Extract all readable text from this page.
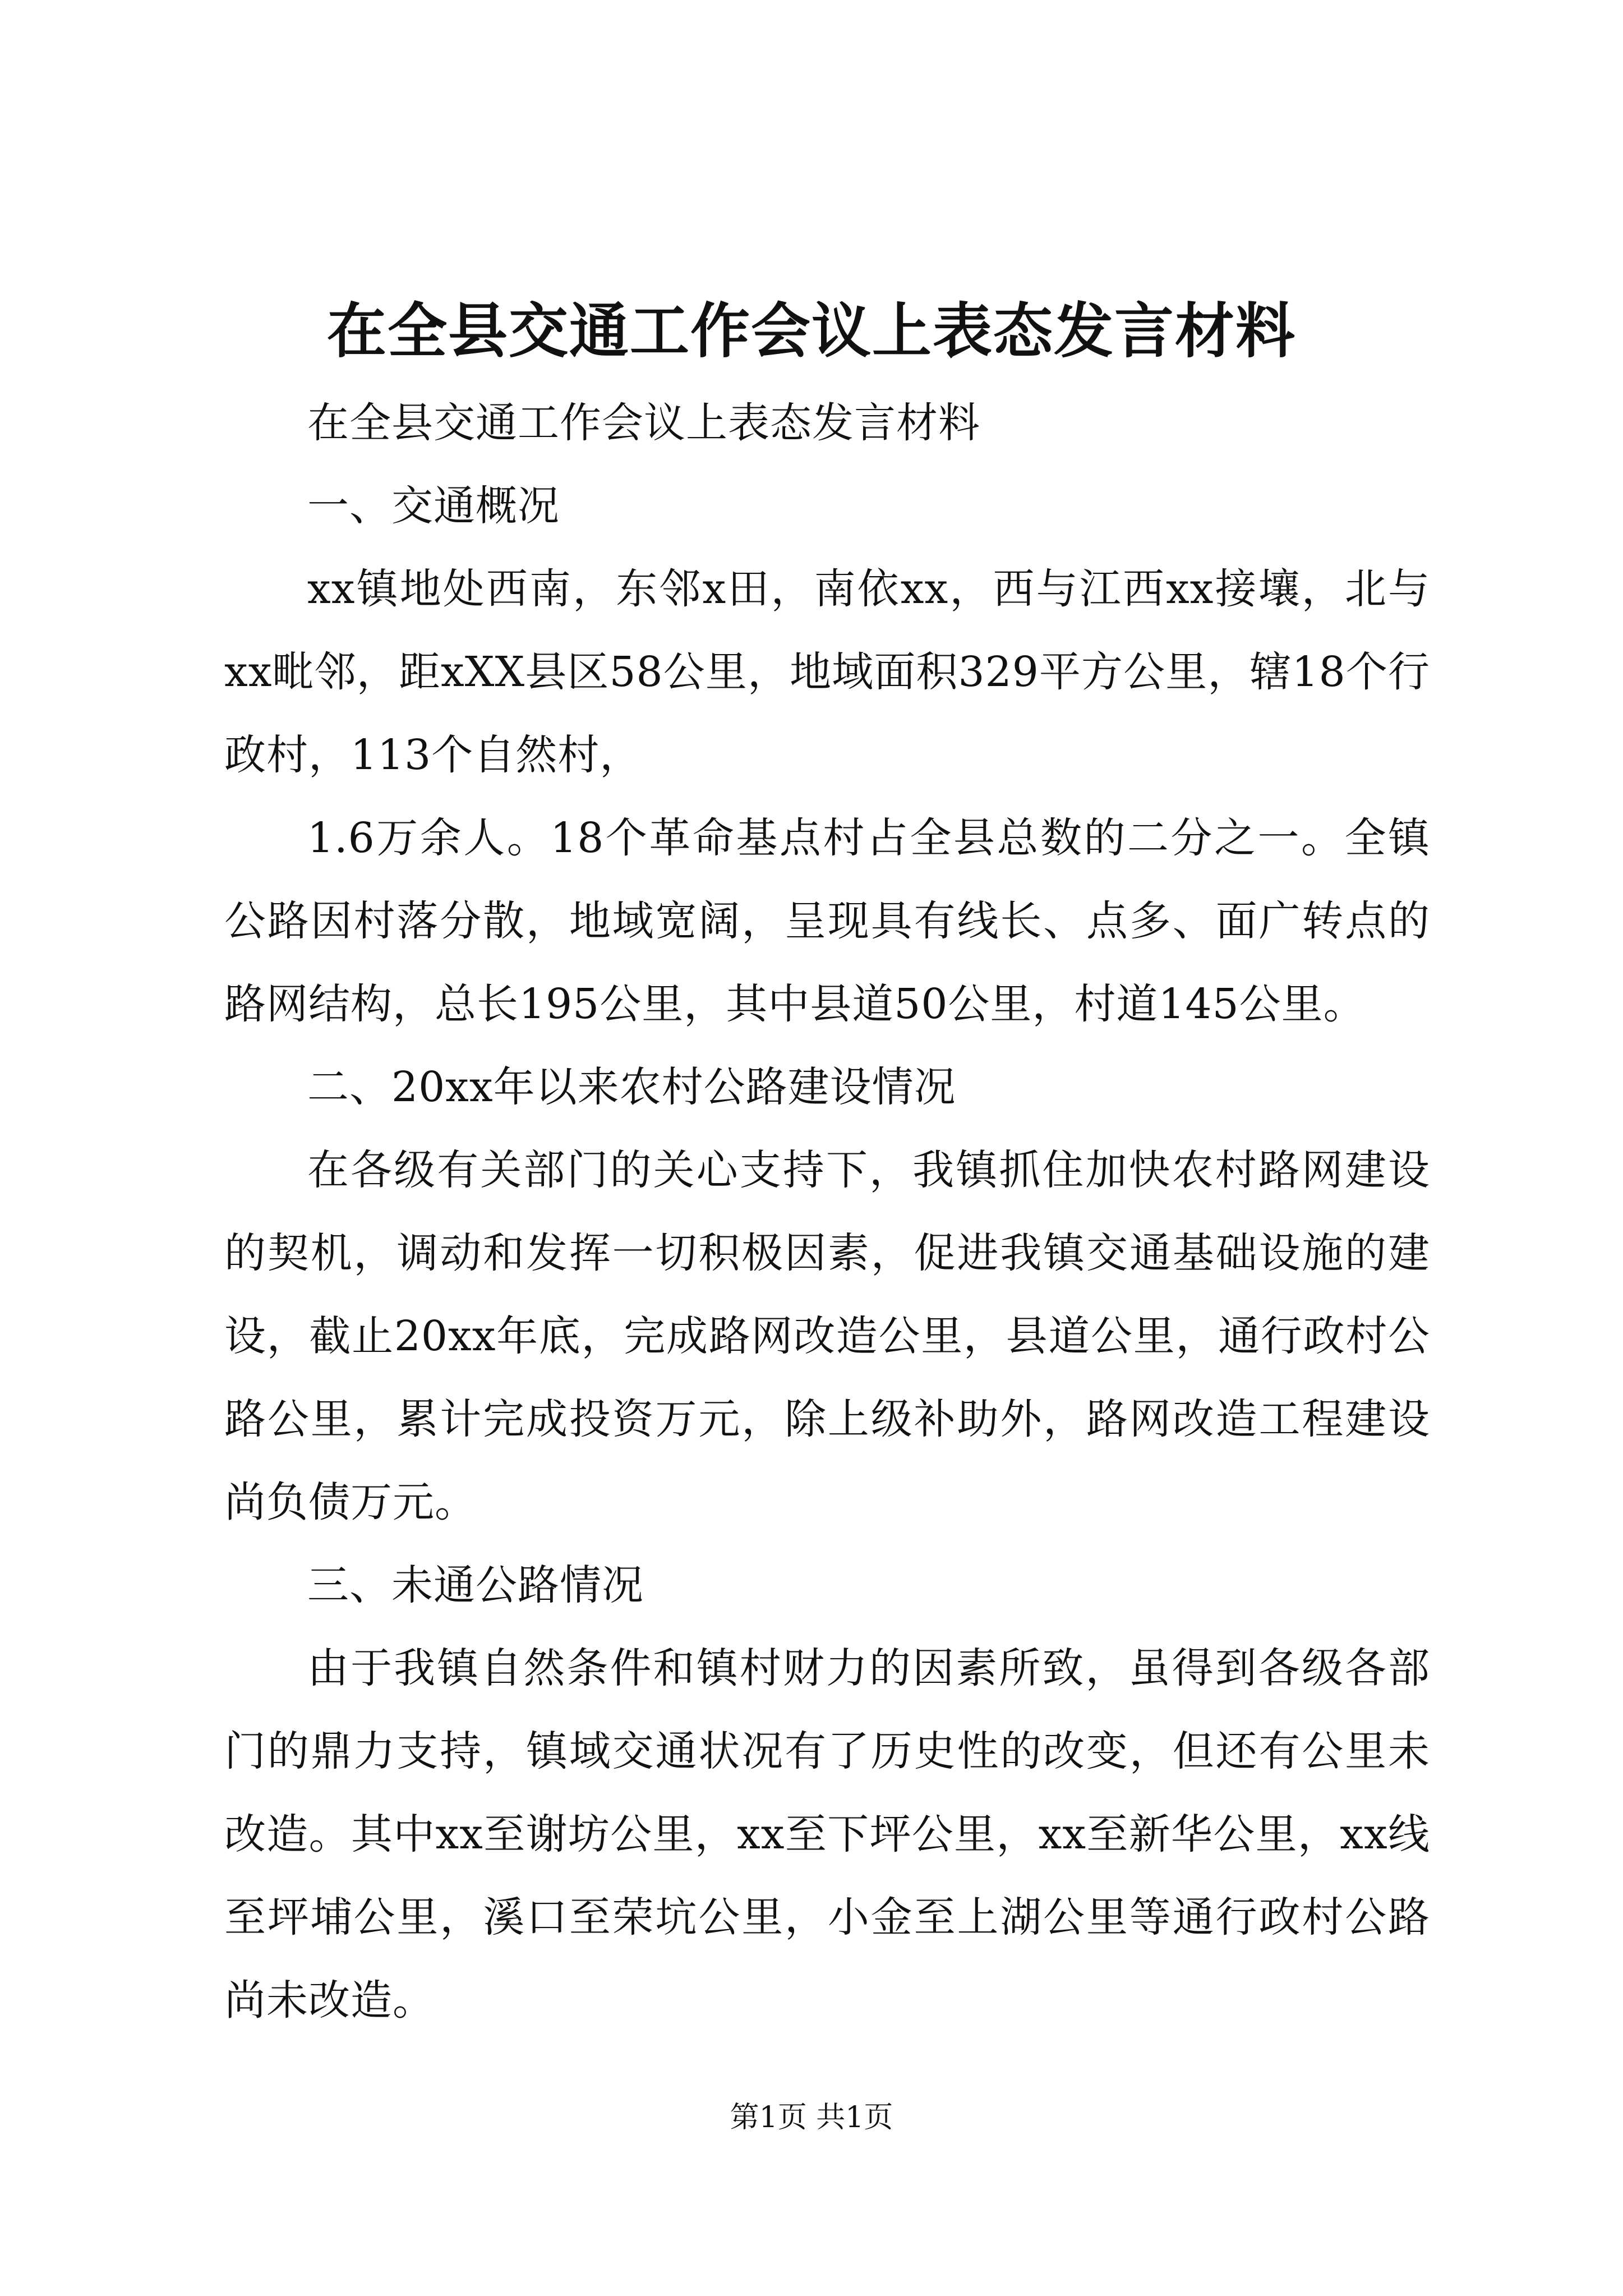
在全县交通工作会议上表态发言材料

在全县交通工作会议上表态发言材料

一、交通概况

xx镇地处西南，东邻x田，南依xx，西与江西xx接壤，北与xx毗邻，距xXX县区58公里，地域面积329平方公里，辖18个行政村，113个自然村，

1.6万余人。18个革命基点村占全县总数的二分之一。全镇公路因村落分散，地域宽阔，呈现具有线长、点多、面广转点的路网结构，总长195公里，其中县道50公里，村道145公里。

二、20xx年以来农村公路建设情况

在各级有关部门的关心支持下，我镇抓住加快农村路网建设的契机，调动和发挥一切积极因素，促进我镇交通基础设施的建设，截止20xx年底，完成路网改造公里，县道公里，通行政村公路公里，累计完成投资万元，除上级补助外，路网改造工程建设尚负债万元。

三、未通公路情况

由于我镇自然条件和镇村财力的因素所致，虽得到各级各部门的鼎力支持，镇域交通状况有了历史性的改变，但还有公里未改造。其中xx至谢坊公里，xx至下坪公里，xx至新华公里，xx线至坪埔公里，溪口至荣坑公里，小金至上湖公里等通行政村公路尚未改造。

第1页 共1页
